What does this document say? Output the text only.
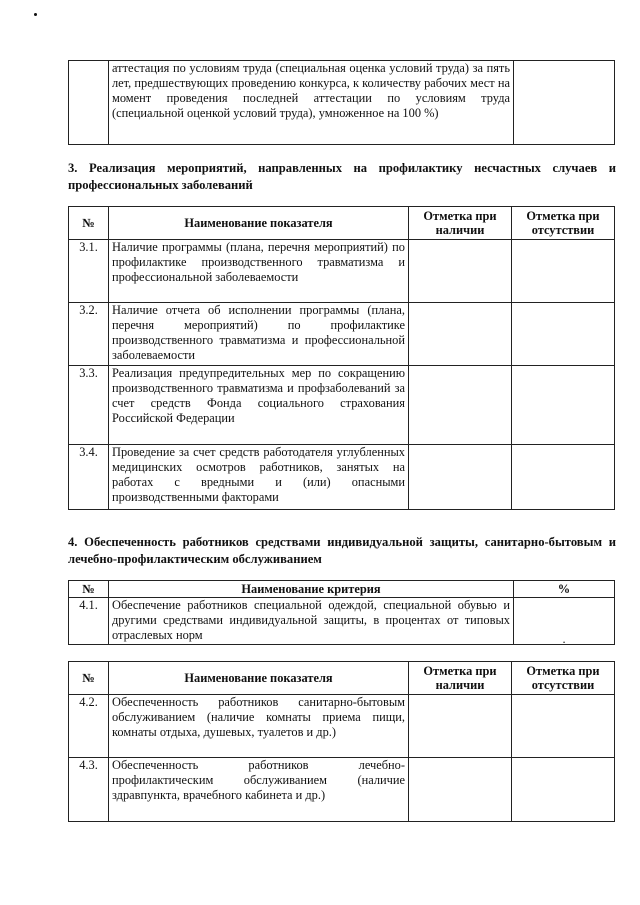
	аттестация по условиям труда (специальная оценка условий труда) за пять лет, предшествующих проведению конкурса, к количеству рабочих мест на момент проведения последней аттестации по условиям труда (специальной оценкой условий труда), умноженное на 100 %)	
3. Реализация мероприятий, направленных на профилактику несчастных случаев и профессиональных заболеваний
№	Наименование показателя	Отметка при наличии	Отметка при отсутствии
3.1.	Наличие программы (плана, перечня мероприятий) по профилактике производственного травматизма и профессиональной заболеваемости		
3.2.	Наличие отчета об исполнении программы (плана, перечня мероприятий) по профилактике производственного травматизма и профессиональной заболеваемости		
3.3.	Реализация предупредительных мер по сокращению производственного травматизма и профзаболеваний за счет средств Фонда социального страхования Российской Федерации		
3.4.	Проведение за счет средств работодателя углубленных медицинских осмотров работников, занятых на работах с вредными и (или) опасными производственными факторами		
4. Обеспеченность работников средствами индивидуальной защиты, санитарно-бытовым и лечебно-профилактическим обслуживанием
№	Наименование критерия	%
4.1.	Обеспечение работников специальной одеждой, специальной обувью и другими средствами индивидуальной защиты, в процентах от типовых отраслевых норм	.
№	Наименование показателя	Отметка при наличии	Отметка при отсутствии
4.2.	Обеспеченность работников санитарно-бытовым обслуживанием (наличие комнаты приема пищи, комнаты отдыха, душевых, туалетов и др.)		
4.3.	Обеспеченность работников лечебно-профилактическим обслуживанием (наличие здравпункта, врачебного кабинета и др.)		
